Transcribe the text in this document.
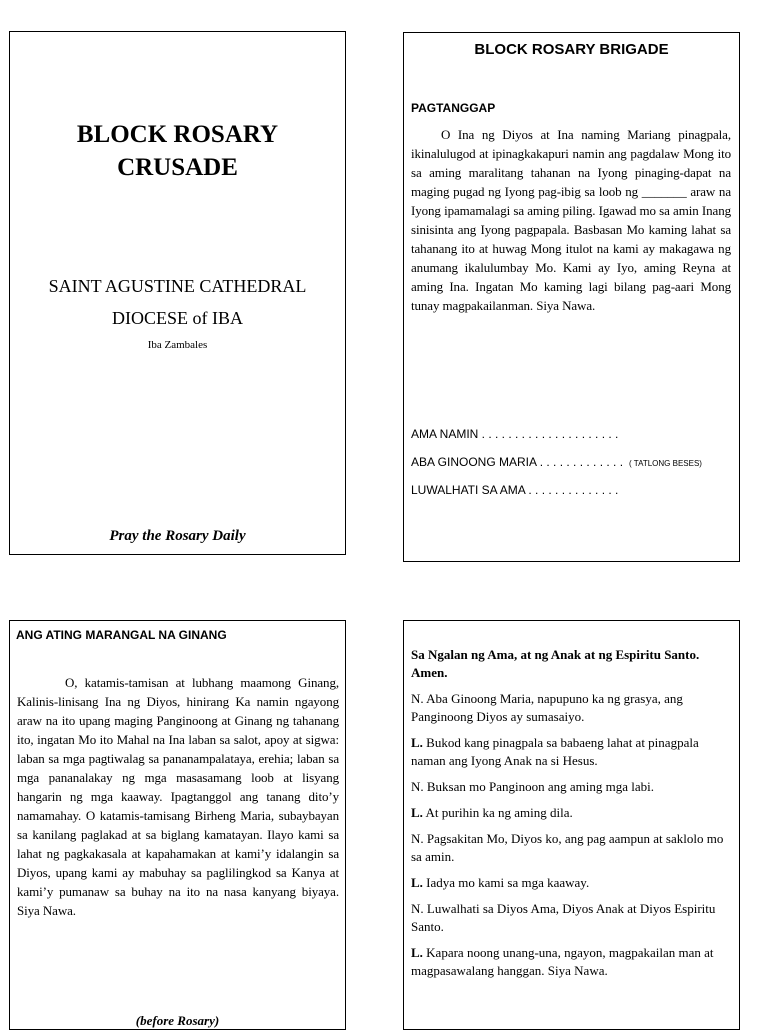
BLOCK ROSARY
CRUSADE
SAINT AGUSTINE CATHEDRAL
DIOCESE of IBA
Iba Zambales
Pray the Rosary Daily
BLOCK ROSARY BRIGADE
PAGTANGGAP

O Ina ng Diyos at Ina naming Mariang pinagpala, ikinalulugod at ipinagkakapuri namin ang pagdalaw Mong ito sa aming maralitang tahanan na Iyong pinaging-dapat na maging pugad ng Iyong pag-ibig sa loob ng _______ araw na Iyong ipamamalagi sa aming piling. Igawad mo sa amin Inang sinisinta ang Iyong pagpapala. Basbasan Mo kaming lahat sa tahanang ito at huwag Mong itulot na kami ay makagawa ng anumang ikalulumbay Mo. Kami ay Iyo, aming Reyna at aming Ina. Ingatan Mo kaming lagi bilang pag-aari Mong tunay magpakailanman. Siya Nawa.

AMA NAMIN . . . . . . . . . . . . . . . . . . . . .
ABA GINOONG MARIA . . . . . . . . . . . . . ( TATLONG BESES)
LUWALHATI SA AMA . . . . . . . . . . . . . .
ANG ATING MARANGAL NA GINANG

O, katamis-tamisan at lubhang maamong Ginang, Kalinis-linisang Ina ng Diyos, hinirang Ka namin ngayong araw na ito upang maging Panginoong at Ginang ng tahanang ito, ingatan Mo ito Mahal na Ina laban sa salot, apoy at sigwa: laban sa mga pagtiwalag sa pananampalataya, erehia; laban sa mga pananalakay ng mga masasamang loob at lisyang hangarin ng mga kaaway. Ipagtanggol ang tanang dito’y namamahay. O katamis-tamisang Birheng Maria, subaybayan sa kanilang paglakad at sa biglang kamatayan. Ilayo kami sa lahat ng pagkakasala at kapahamakan at kami’y idalangin sa Diyos, upang kami ay mabuhay sa paglilingkod sa Kanya at kami’y pumanaw sa buhay na ito na nasa kanyang biyaya. Siya Nawa.

(before Rosary)

Sa Ngalan ng Ama, at ng Anak at ng Espiritu Santo. Amen.

N. Aba Ginoong Maria, napupuno ka ng grasya, ang Panginoong Diyos ay sumasaiyo.

L. Bukod kang pinagpala sa babaeng lahat at pinagpala naman ang Iyong Anak na si Hesus.

N. Buksan mo Panginoon ang aming mga labi.

L. At purihin ka ng aming dila.

N. Pagsakitan Mo, Diyos ko, ang pag aampun at saklolo mo sa amin.

L. Iadya mo kami sa mga kaaway.

N. Luwalhati sa Diyos Ama, Diyos Anak at Diyos Espiritu Santo.

L. Kapara noong unang-una, ngayon, magpakailan man at magpasawalang hanggan. Siya Nawa.
